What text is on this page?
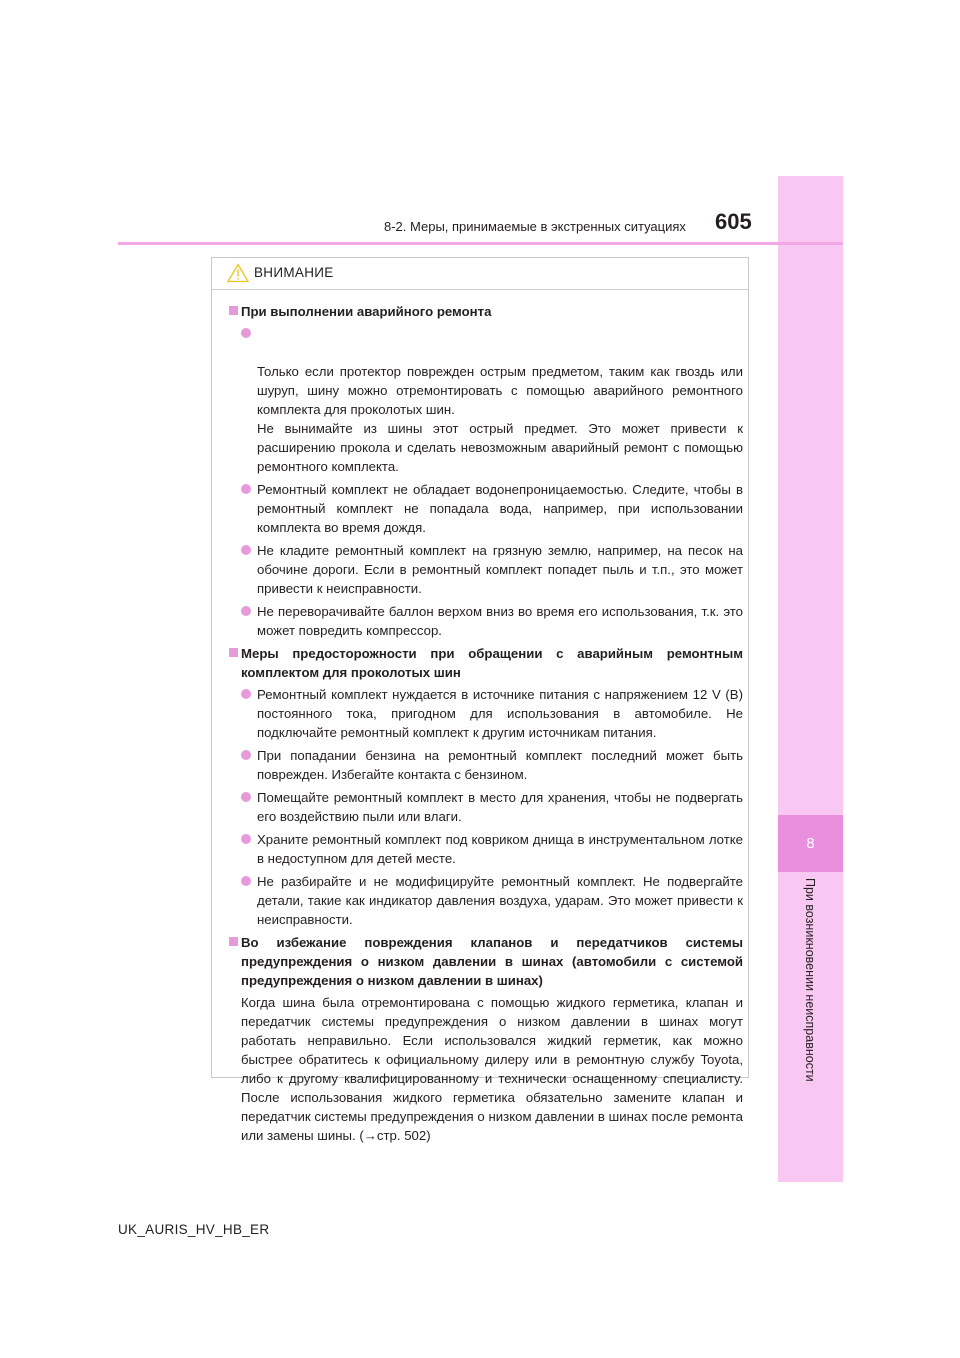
8
При возникновении неисправности
8-2. Меры, принимаемые в экстренных ситуациях 605
ВНИМАНИЕ
При выполнении аварийного ремонта

Только если протектор поврежден острым предметом, таким как гвоздь или шуруп, шину можно отремонтировать с помощью аварийного ремонтного комплекта для проколотых шин.
Не вынимайте из шины этот острый предмет. Это может привести к расширению прокола и сделать невозможным аварийный ремонт с помощью ремонтного комплекта.

Ремонтный комплект не обладает водонепроницаемостью. Следите, чтобы в ремонтный комплект не попадала вода, например, при использовании комплекта во время дождя.
Не кладите ремонтный комплект на грязную землю, например, на песок на обочине дороги. Если в ремонтный комплект попадет пыль и т.п., это может привести к неисправности.
Не переворачивайте баллон верхом вниз во время его использования, т.к. это может повредить компрессор.
Меры предосторожности при обращении с аварийным ремонтным комплектом для проколотых шин
Ремонтный комплект нуждается в источнике питания с напряжением 12 V (В) постоянного тока, пригодном для использования в автомобиле. Не подключайте ремонтный комплект к другим источникам питания.
При попадании бензина на ремонтный комплект последний может быть поврежден. Избегайте контакта с бензином.
Помещайте ремонтный комплект в место для хранения, чтобы не подвергать его воздействию пыли или влаги.
Храните ремонтный комплект под ковриком днища в инструментальном лотке в недоступном для детей месте.
Не разбирайте и не модифицируйте ремонтный комплект. Не подвергайте детали, такие как индикатор давления воздуха, ударам. Это может привести к неисправности.
Во избежание повреждения клапанов и передатчиков системы предупреждения о низком давлении в шинах (автомобили с системой предупреждения о низком давлении в шинах)
Когда шина была отремонтирована с помощью жидкого герметика, клапан и передатчик системы предупреждения о низком давлении в шинах могут работать неправильно. Если использовался жидкий герметик, как можно быстрее обратитесь к официальному дилеру или в ремонтную службу Toyota, либо к другому квалифицированному и технически оснащенному специалисту. После использования жидкого герметика обязательно замените клапан и передатчик системы предупреждения о низком давлении в шинах после ремонта или замены шины. (→стр. 502)
UK_AURIS_HV_HB_ER
